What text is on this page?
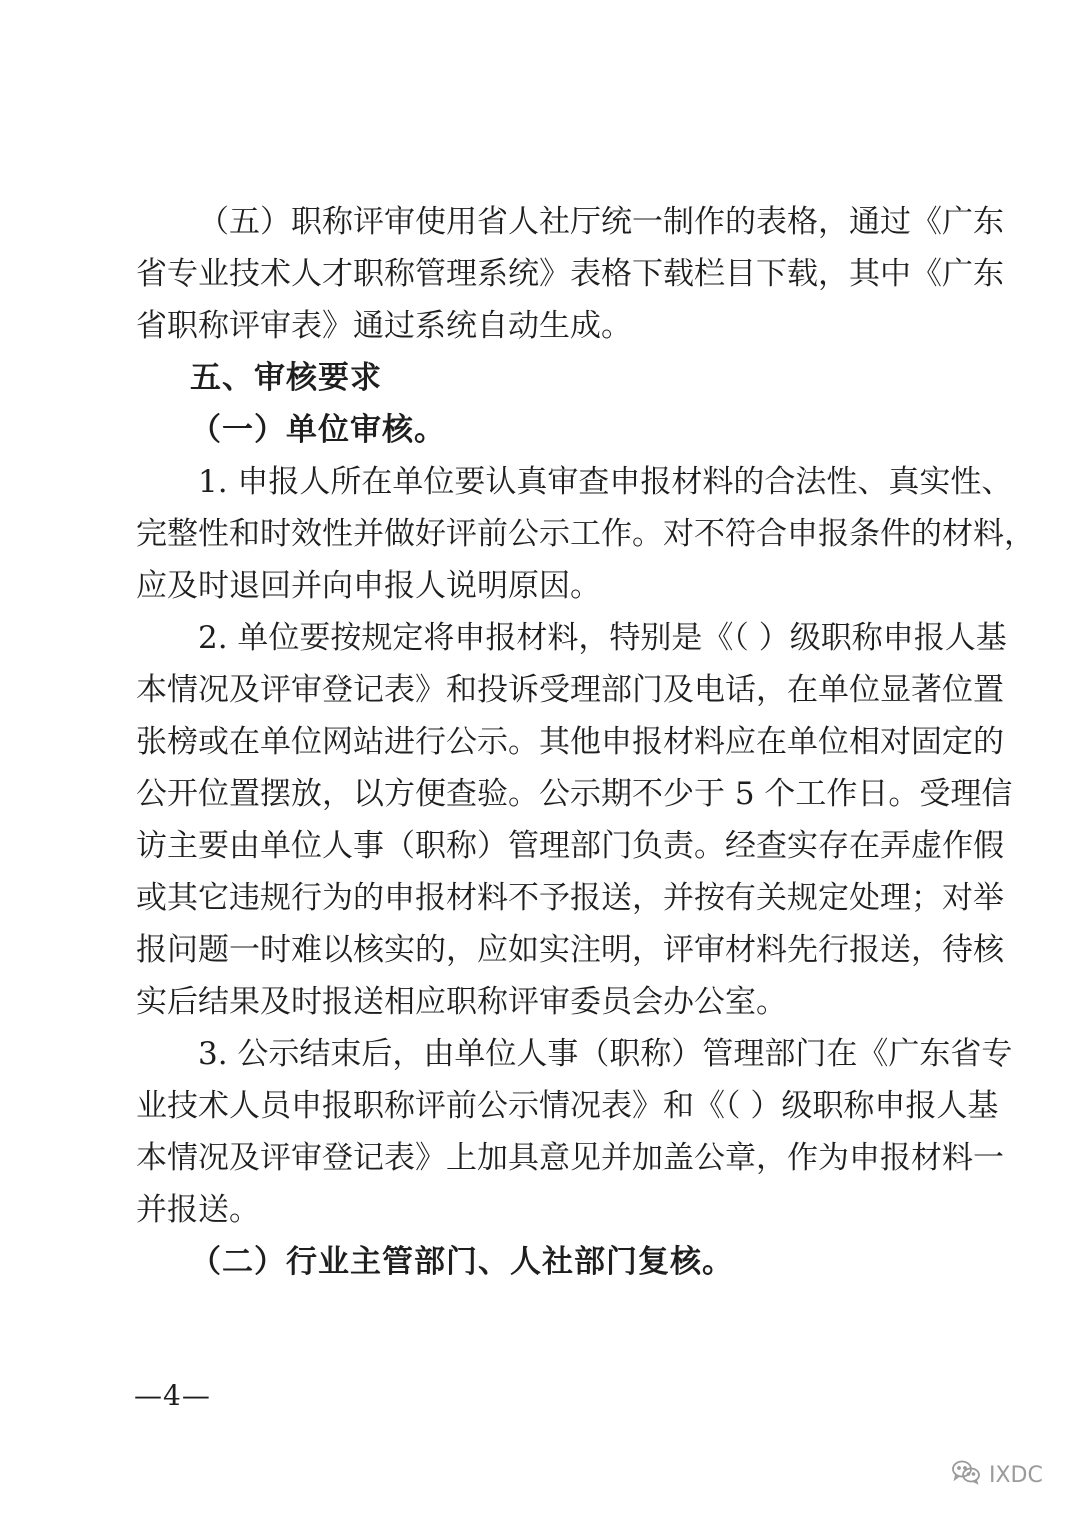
（五）职称评审使用省人社厅统一制作的表格，通过《广东
省专业技术人才职称管理系统》表格下载栏目下载，其中《广东
省职称评审表》通过系统自动生成。
五、审核要求
（一）单位审核。
1. 申报人所在单位要认真审查申报材料的合法性、真实性、
完整性和时效性并做好评前公示工作。对不符合申报条件的材料，
应及时退回并向申报人说明原因。
2. 单位要按规定将申报材料，特别是《（ ）级职称申报人基
本情况及评审登记表》和投诉受理部门及电话，在单位显著位置
张榜或在单位网站进行公示。其他申报材料应在单位相对固定的
公开位置摆放，以方便查验。公示期不少于 5 个工作日。受理信
访主要由单位人事（职称）管理部门负责。经查实存在弄虚作假
或其它违规行为的申报材料不予报送，并按有关规定处理；对举
报问题一时难以核实的，应如实注明，评审材料先行报送，待核
实后结果及时报送相应职称评审委员会办公室。
3. 公示结束后，由单位人事（职称）管理部门在《广东省专
业技术人员申报职称评前公示情况表》和《（ ）级职称申报人基
本情况及评审登记表》上加具意见并加盖公章，作为申报材料一
并报送。
（二）行业主管部门、人社部门复核。
—4—
IXDC
